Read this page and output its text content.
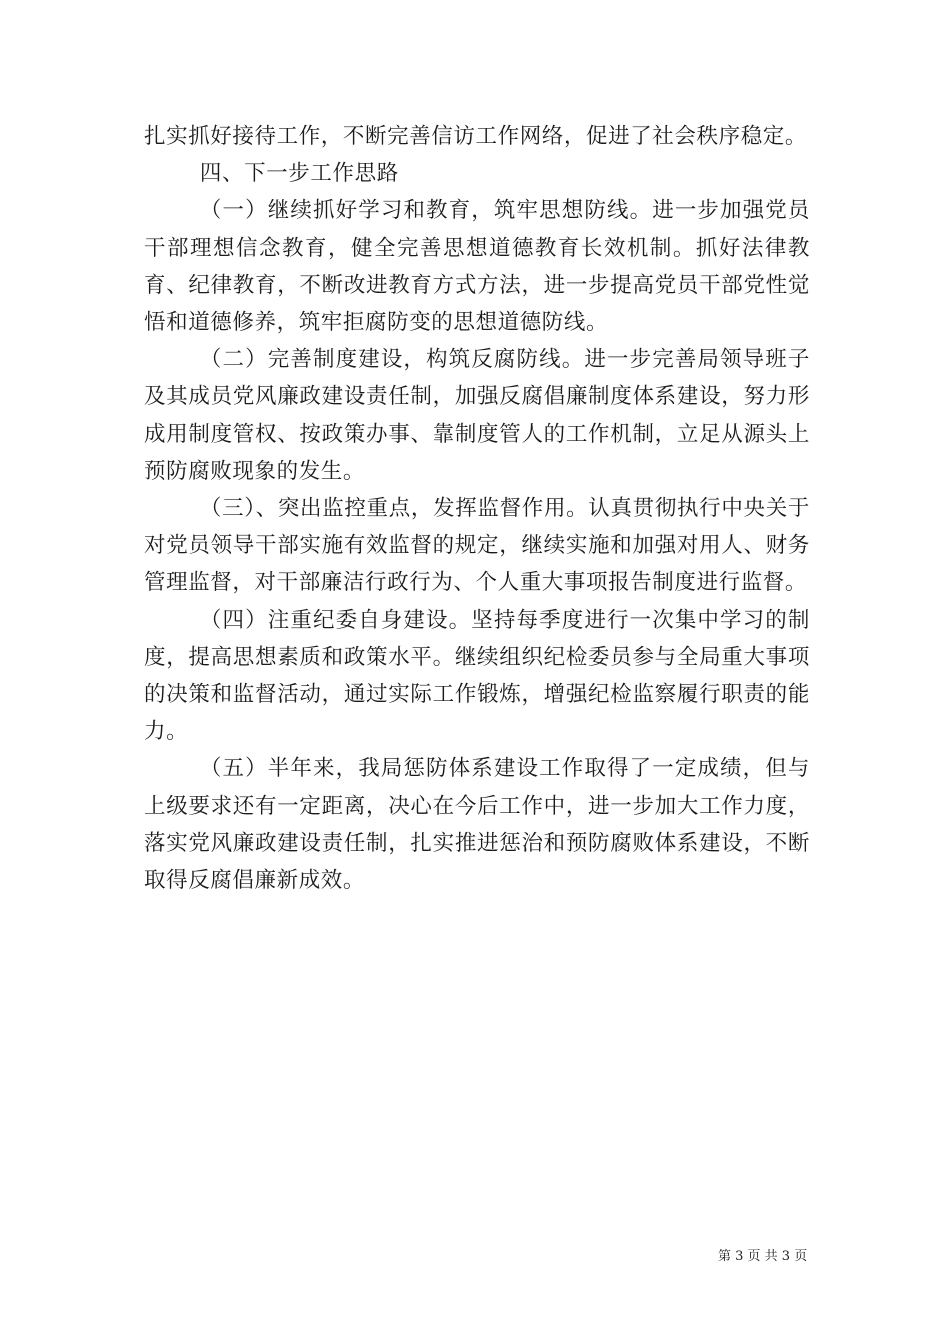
扎实抓好接待工作，不断完善信访工作网络，促进了社会秩序稳定。

四、下一步工作思路

（一）继续抓好学习和教育，筑牢思想防线。进一步加强党员干部理想信念教育，健全完善思想道德教育长效机制。抓好法律教育、纪律教育，不断改进教育方式方法，进一步提高党员干部党性觉悟和道德修养，筑牢拒腐防变的思想道德防线。

（二）完善制度建设，构筑反腐防线。进一步完善局领导班子及其成员党风廉政建设责任制，加强反腐倡廉制度体系建设，努力形成用制度管权、按政策办事、靠制度管人的工作机制，立足从源头上预防腐败现象的发生。

（三）、突出监控重点，发挥监督作用。认真贯彻执行中央关于对党员领导干部实施有效监督的规定，继续实施和加强对用人、财务管理监督，对干部廉洁行政行为、个人重大事项报告制度进行监督。

（四）注重纪委自身建设。坚持每季度进行一次集中学习的制度，提高思想素质和政策水平。继续组织纪检委员参与全局重大事项的决策和监督活动，通过实际工作锻炼，增强纪检监察履行职责的能力。

（五）半年来，我局惩防体系建设工作取得了一定成绩，但与上级要求还有一定距离，决心在今后工作中，进一步加大工作力度，落实党风廉政建设责任制，扎实推进惩治和预防腐败体系建设，不断取得反腐倡廉新成效。

第 3 页 共 3 页
